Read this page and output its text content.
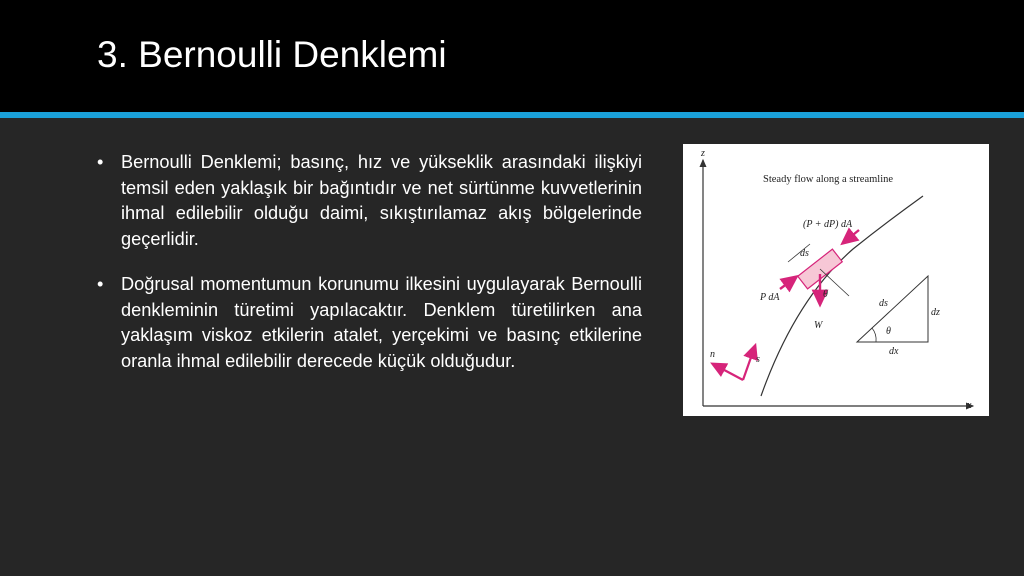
3. Bernoulli Denklemi

• Bernoulli Denklemi; basınç, hız ve yükseklik arasındaki ilişkiyi temsil eden yaklaşık bir bağıntıdır ve net sürtünme kuvvetlerinin ihmal edilebilir olduğu daimi, sıkıştırılamaz akış bölgelerinde geçerlidir.

• Doğrusal momentumun korunumu ilkesini uygulayarak Bernoulli denkleminin türetimi yapılacaktır. Denklem türetilirken ana yaklaşım viskoz etkilerin atalet, yerçekimi ve basınç etkilerine oranla ihmal edilebilir derecede küçük olduğudur.

z
x
Steady flow along a streamline
(P + dP) dA
ds
P dA
W
θ
n	s
ds
dz
dx
θ
